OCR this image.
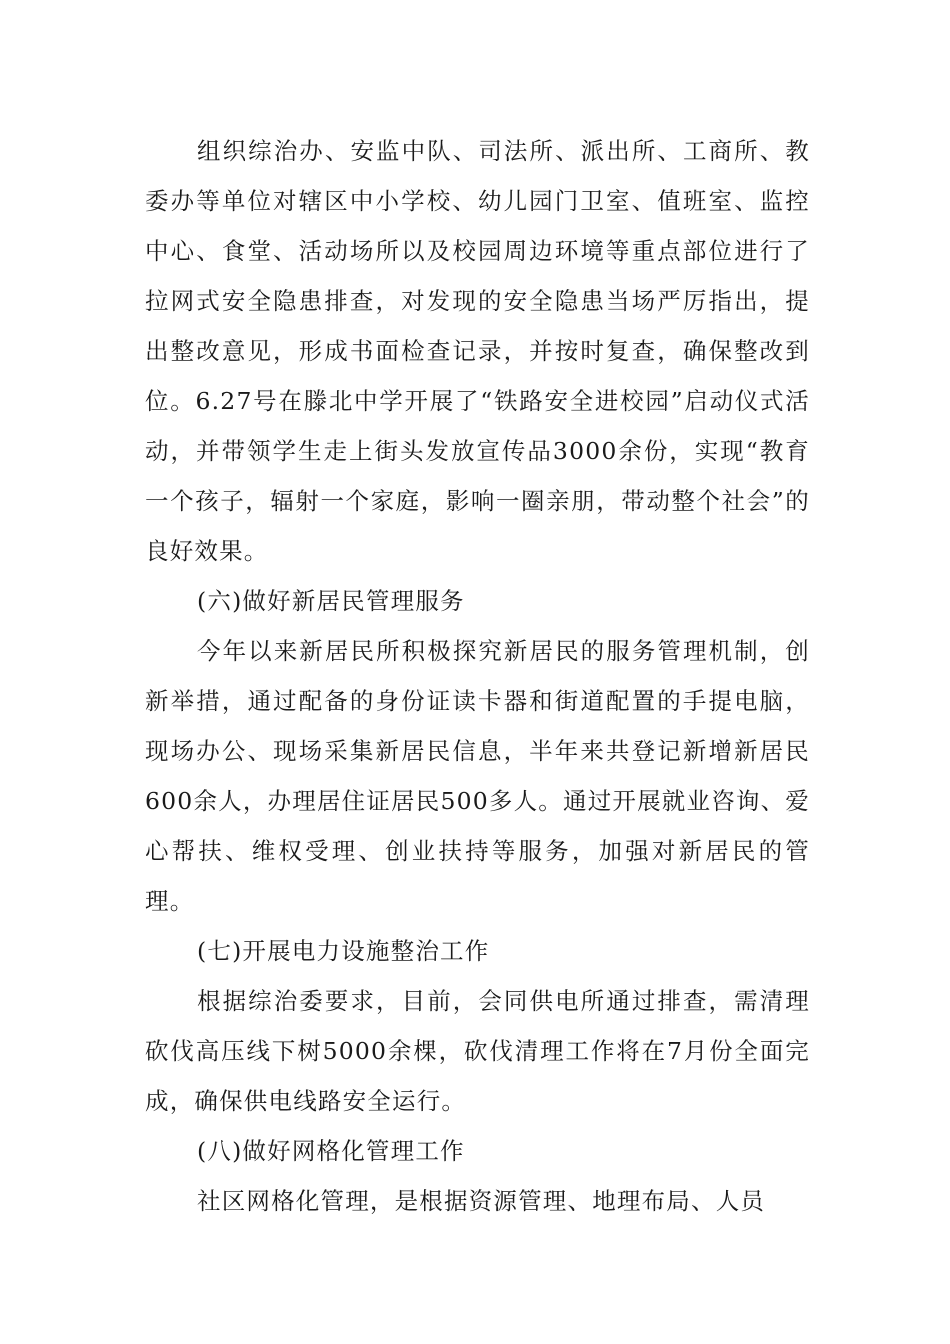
组织综治办、安监中队、司法所、派出所、工商所、教委办等单位对辖区中小学校、幼儿园门卫室、值班室、监控中心、食堂、活动场所以及校园周边环境等重点部位进行了拉网式安全隐患排查，对发现的安全隐患当场严厉指出，提出整改意见，形成书面检查记录，并按时复查，确保整改到位。6.27号在滕北中学开展了“铁路安全进校园”启动仪式活动，并带领学生走上街头发放宣传品3000余份，实现“教育一个孩子，辐射一个家庭，影响一圈亲朋，带动整个社会”的良好效果。

(六)做好新居民管理服务

今年以来新居民所积极探究新居民的服务管理机制，创新举措，通过配备的身份证读卡器和街道配置的手提电脑，现场办公、现场采集新居民信息，半年来共登记新增新居民600余人，办理居住证居民500多人。通过开展就业咨询、爱心帮扶、维权受理、创业扶持等服务，加强对新居民的管理。

(七)开展电力设施整治工作

根据综治委要求，目前，会同供电所通过排查，需清理砍伐高压线下树5000余棵，砍伐清理工作将在7月份全面完成，确保供电线路安全运行。

(八)做好网格化管理工作

社区网格化管理，是根据资源管理、地理布局、人员
